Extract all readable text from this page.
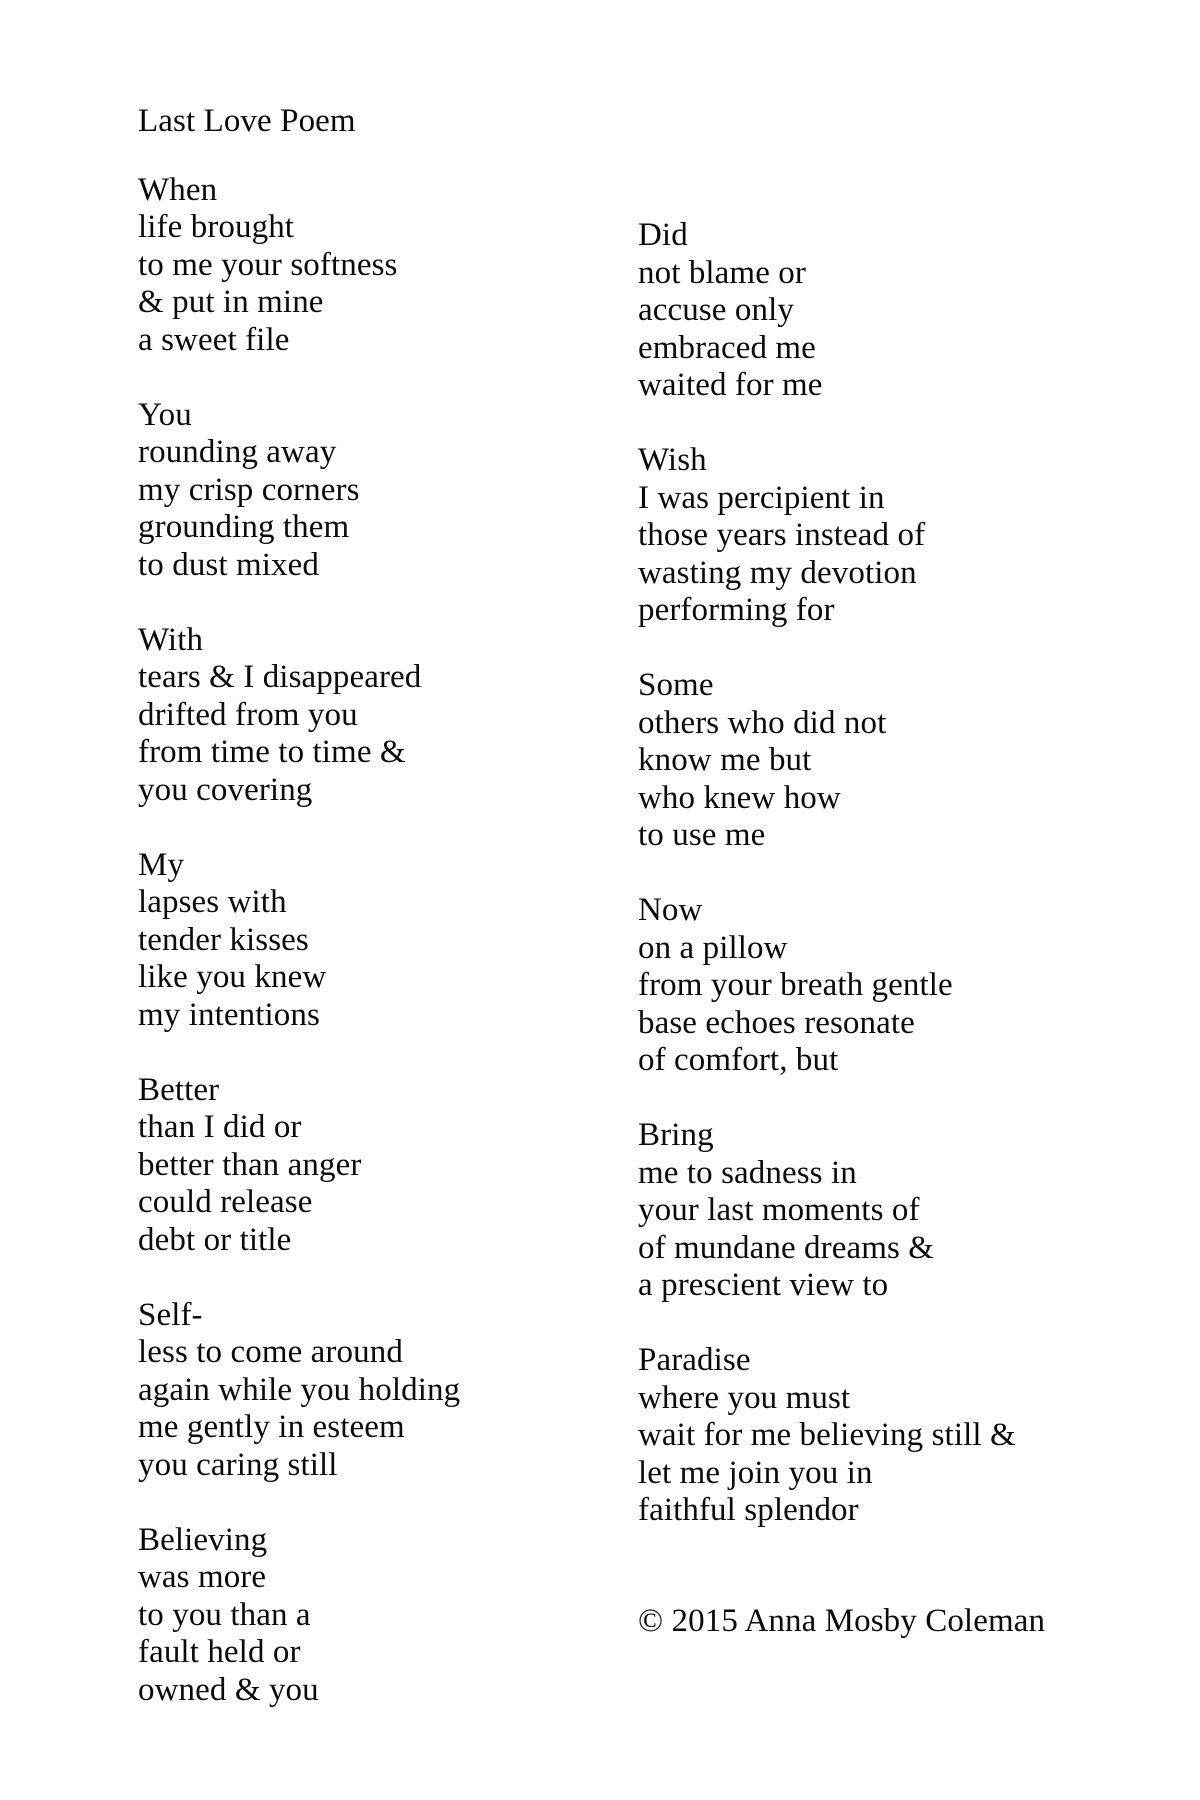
Last Love Poem
When
life brought
to me your softness
& put in mine
a sweet file
You
rounding away
my crisp corners
grounding them
to dust mixed
With
tears & I disappeared
drifted from you
from time to time &
you covering
My
lapses with
tender kisses
like you knew
my intentions
Better
than I did or
better than anger
could release
debt or title
Self-
less to come around
again while you holding
me gently in esteem
you caring still
Believing
was more
to you than a
fault held or
owned & you
Did
not blame or
accuse only
embraced me
waited for me
Wish
I was percipient in
those years instead of
wasting my devotion
performing for
Some
others who did not
know me but
who knew how
to use me
Now
on a pillow
from your breath gentle
base echoes resonate
of comfort, but
Bring
me to sadness in
your last moments of
of mundane dreams &
a prescient view to
Paradise
where you must
wait for me believing still &
let me join you in
faithful splendor
© 2015 Anna Mosby Coleman
